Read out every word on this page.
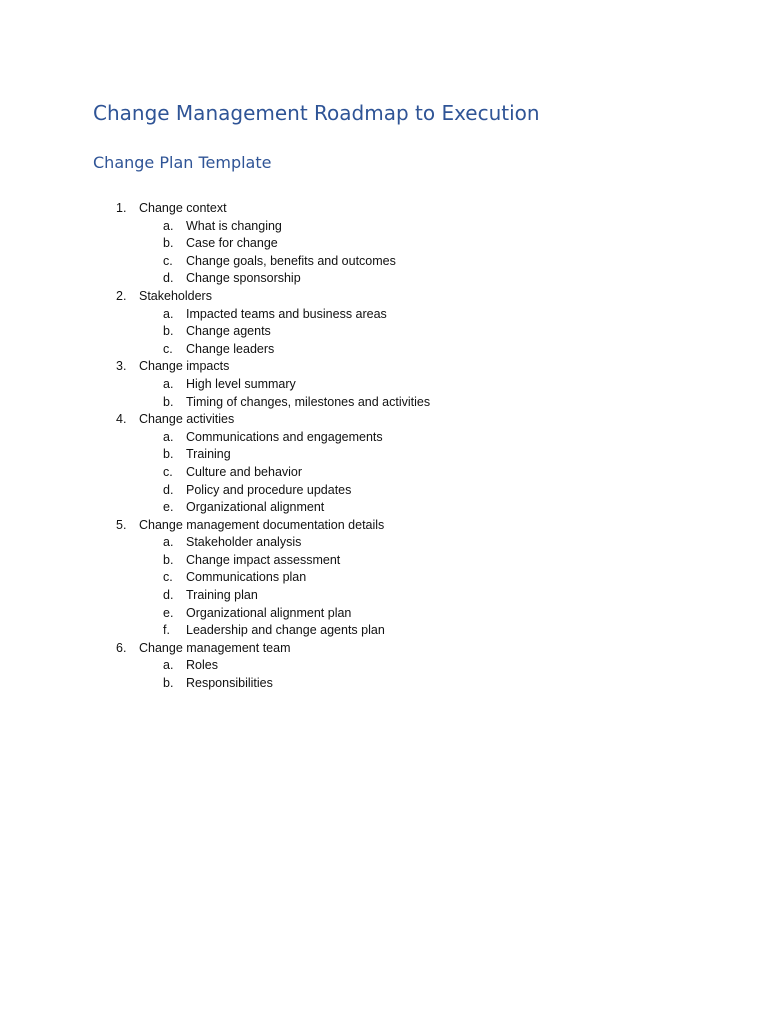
Change Management Roadmap to Execution
Change Plan Template
1. Change context
a. What is changing
b. Case for change
c. Change goals, benefits and outcomes
d. Change sponsorship
2. Stakeholders
a. Impacted teams and business areas
b. Change agents
c. Change leaders
3. Change impacts
a. High level summary
b. Timing of changes, milestones and activities
4. Change activities
a. Communications and engagements
b. Training
c. Culture and behavior
d. Policy and procedure updates
e. Organizational alignment
5. Change management documentation details
a. Stakeholder analysis
b. Change impact assessment
c. Communications plan
d. Training plan
e. Organizational alignment plan
f. Leadership and change agents plan
6. Change management team
a. Roles
b. Responsibilities
